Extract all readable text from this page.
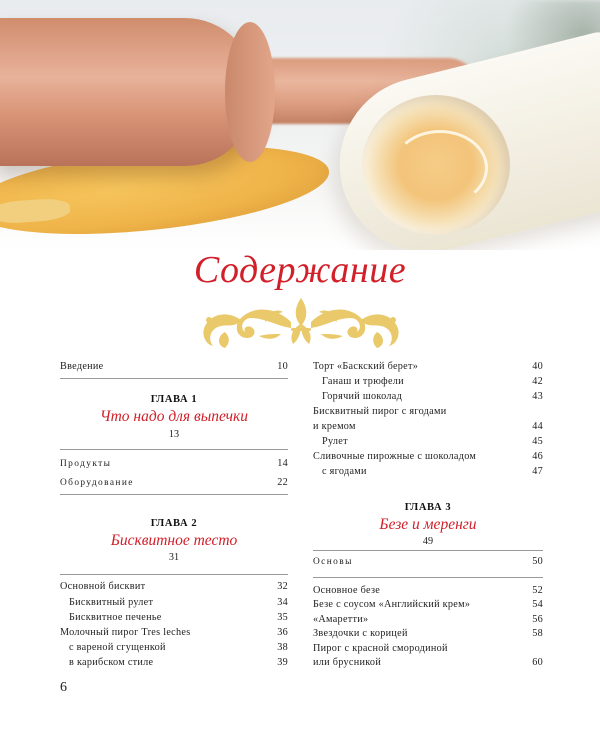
Содержание
Введение	10
ГЛАВА 1
Что надо для выпечки
13
Продукты	14
Оборудование	22
ГЛАВА 2
Бисквитное тесто
31
Основной бисквит	32
Бисквитный рулет	34
Бисквитное печенье	35
Молочный пирог Tres leches	36
с вареной сгущенкой	38
в карибском стиле	39
Торт «Баскский берет»	40
Ганаш и трюфели	42
Горячий шоколад	43
Бисквитный пирог с ягодами
и кремом	44
Рулет	45
Сливочные пирожные с шоколадом	46
с ягодами	47
ГЛАВА 3
Безе и меренги
49
Основы	50
Основное безе	52
Безе с соусом «Английский крем»	54
«Амаретти»	56
Звездочки с корицей	58
Пирог с красной смородиной
или брусникой	60
6
